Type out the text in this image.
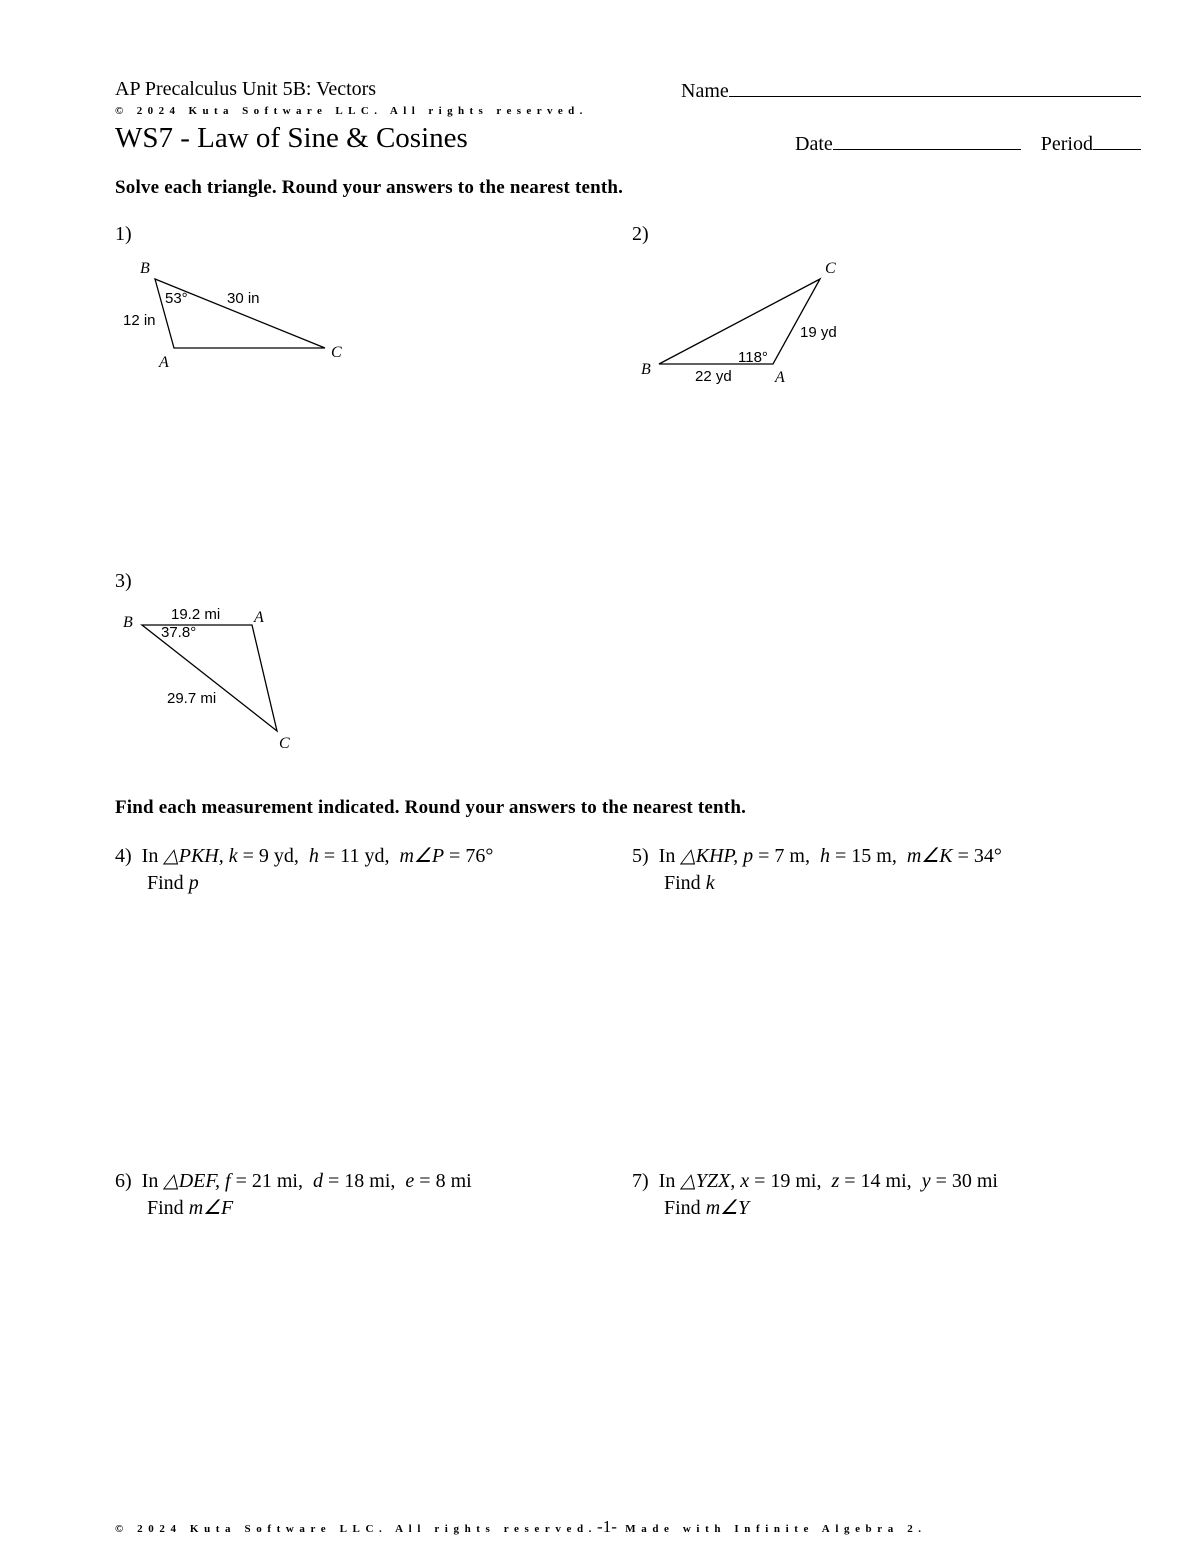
AP Precalculus Unit 5B: Vectors
© 2024 Kuta Software LLC. All rights reserved.
Name
WS7 - Law of Sine & Cosines	Date	Period
Solve each triangle. Round your answers to the nearest tenth.
1)	2)
3)
B
A
C
12 in
30 in
53°
B	A
C
22 yd
19 yd
118°
B	A
C
19.2 mi
29.7 mi
37.8°
Find each measurement indicated. Round your answers to the nearest tenth.
4) In △PKH, k = 9 yd, h = 11 yd, m∠P = 76°
Find p
5) In △KHP, p = 7 m, h = 15 m, m∠K = 34°
Find k
6) In △DEF, f = 21 mi, d = 18 mi, e = 8 mi
Find m∠F
7) In △YZX, x = 19 mi, z = 14 mi, y = 30 mi
Find m∠Y
© 2024 Kuta Software LLC. All rights reserved.-1- Made with Infinite Algebra 2.
